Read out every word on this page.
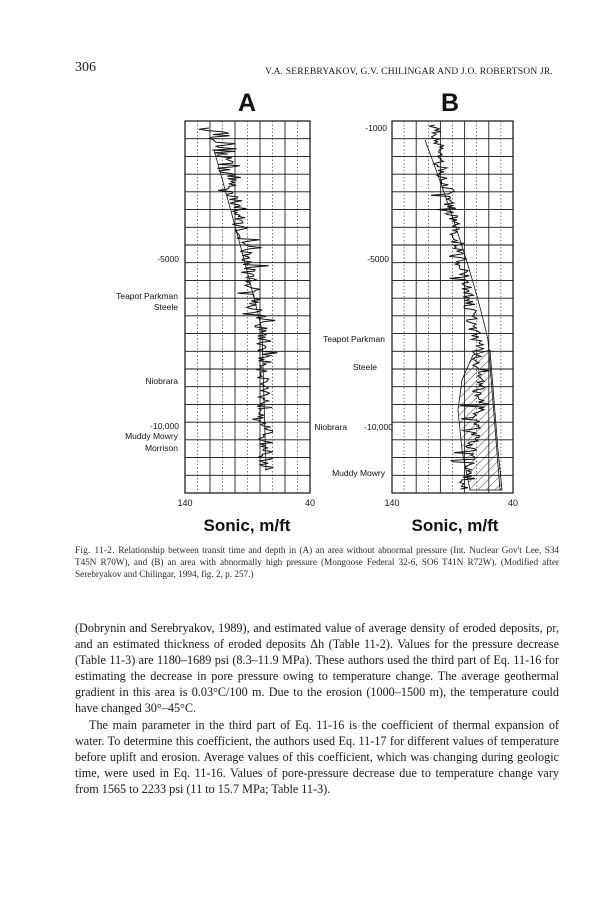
306	V.A. SEREBRYAKOV, G.V. CHILINGAR AND J.O. ROBERTSON JR.
A
-5000
Teapot Parkman
Steele
Niobrara
-10,000
Muddy Mowry
Morrison
140	40
Sonic, m/ft
B
-1000
-5000
Teapot Parkman
Steele
Niobrara -10,000
Muddy Mowry
140	40
Sonic, m/ft
Fig. 11-2. Relationship between transit time and depth in (A) an area without abnormal pressure (Int. Nuclear Gov't Lee, S34 T45N R70W), and (B) an area with abnormally high pressure (Mongoose Federal 32-6, SO6 T41N R72W). (Modified after Serebryakov and Chilingar, 1994, fig. 2, p. 257.)

(Dobrynin and Serebryakov, 1989), and estimated value of average density of eroded deposits, ρr, and an estimated thickness of eroded deposits Δh (Table 11-2). Values for the pressure decrease (Table 11-3) are 1180–1689 psi (8.3–11.9 MPa). These authors used the third part of Eq. 11-16 for estimating the decrease in pore pressure owing to temperature change. The average geothermal gradient in this area is 0.03°C/100 m. Due to the erosion (1000–1500 m), the temperature could have changed 30°–45°C.

The main parameter in the third part of Eq. 11-16 is the coefficient of thermal expansion of water. To determine this coefficient, the authors used Eq. 11-17 for different values of temperature before uplift and erosion. Average values of this coefficient, which was changing during geologic time, were used in Eq. 11-16. Values of pore-pressure decrease due to temperature change vary from 1565 to 2233 psi (11 to 15.7 MPa; Table 11-3).
